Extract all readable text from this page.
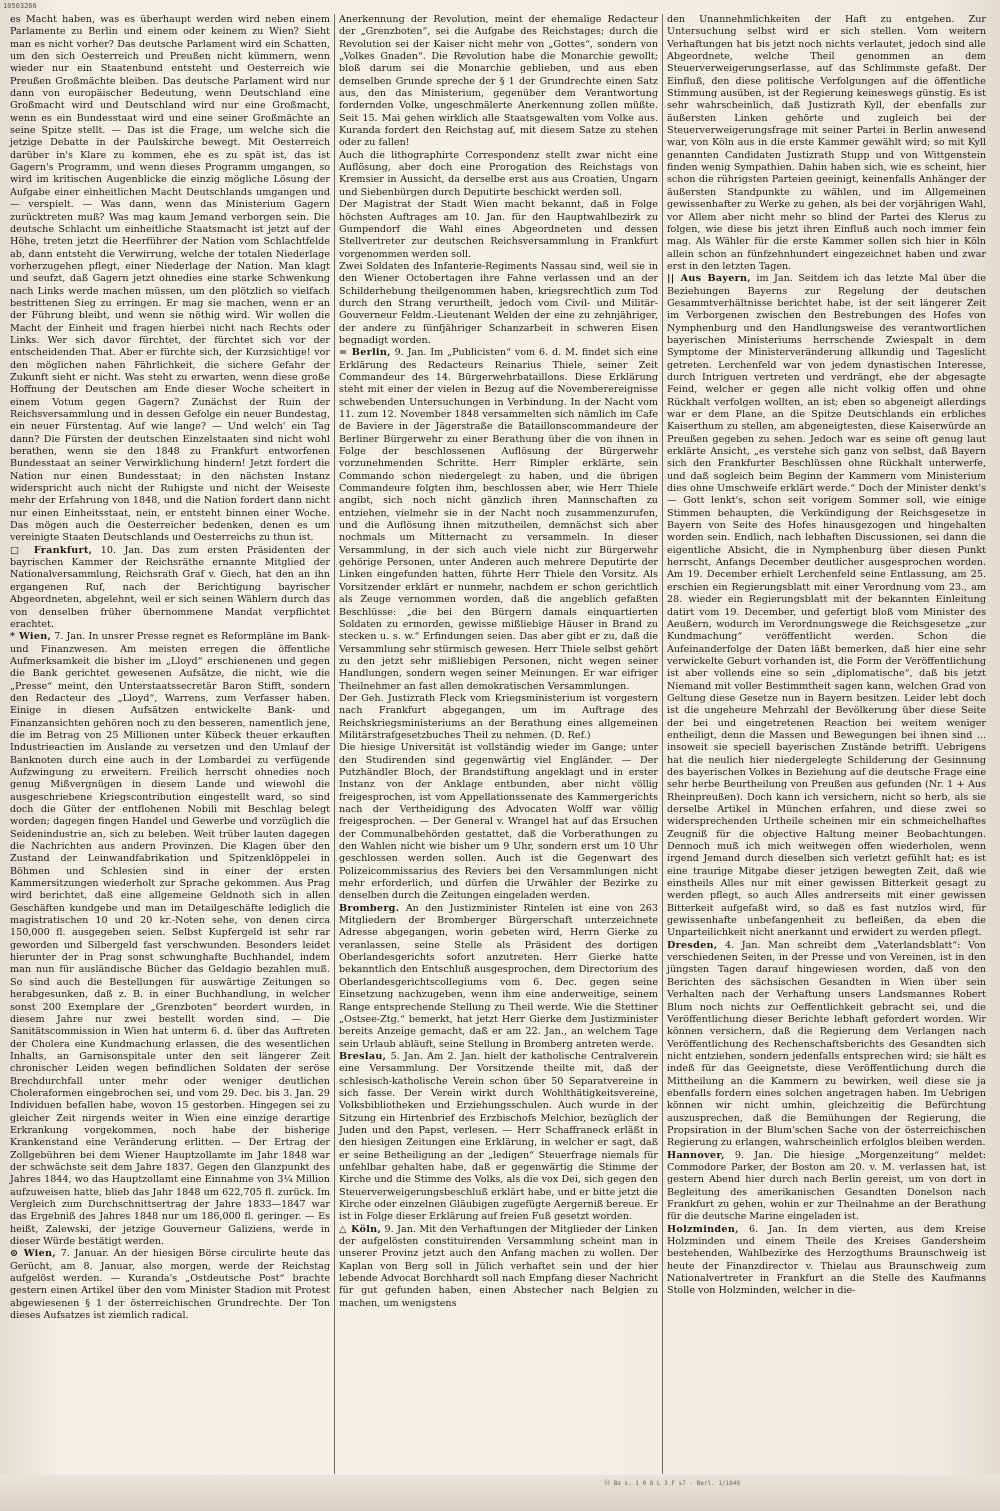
10503266

es Macht haben, was es überhaupt werden wird neben einem Parlamente zu Berlin und einem oder keinem zu Wien? Sieht man es nicht vorher? Das deutsche Parlament wird ein Schatten, um den sich Oesterreich und Preußen nicht kümmern, wenn wieder nur ein Staatenbund entsteht und Oesterreich wie Preußen Großmächte bleiben. Das deutsche Parlament wird nur dann von europäischer Bedeutung, wenn Deutschland eine Großmacht wird und Deutschland wird nur eine Großmacht, wenn es ein Bundesstaat wird und eine seiner Großmächte an seine Spitze stellt. — Das ist die Frage, um welche sich die jetzige Debatte in der Paulskirche bewegt. Mit Oesterreich darüber in's Klare zu kommen, ehe es zu spät ist, das ist Gagern's Programm, und wenn dieses Programm umgangen, so wird im kritischen Augenblicke die einzig mögliche Lösung der Aufgabe einer einheitlichen Macht Deutschlands umgangen und — verspielt. — Was dann, wenn das Ministerium Gagern zurücktreten muß? Was mag kaum Jemand verborgen sein. Die deutsche Schlacht um einheitliche Staatsmacht ist jetzt auf der Höhe, treten jetzt die Heerführer der Nation vom Schlachtfelde ab, dann entsteht die Verwirrung, welche der totalen Niederlage vorherzugehen pflegt, einer Niederlage der Nation. Man klagt und seufzt, daß Gagern jetzt ohnedies eine starke Schwenkung nach Links werde machen müssen, um den plötzlich so vielfach bestrittenen Sieg zu erringen. Er mag sie machen, wenn er an der Führung bleibt, und wenn sie nöthig wird. Wir wollen die Macht der Einheit und fragen hierbei nicht nach Rechts oder Links. Wer sich davor fürchtet, der fürchtet sich vor der entscheidenden That. Aber er fürchte sich, der Kurzsichtige! vor den möglichen nahen Fährlichkeit, die sichere Gefahr der Zukunft sieht er nicht. Was steht zu erwarten, wenn diese große Hoffnung der Deutschen am Ende dieser Woche scheitert in einem Votum gegen Gagern? Zunächst der Ruin der Reichsversammlung und in dessen Gefolge ein neuer Bundestag, ein neuer Fürstentag. Auf wie lange? — Und welch' ein Tag dann? Die Fürsten der deutschen Einzelstaaten sind nicht wohl berathen, wenn sie den 1848 zu Frankfurt entworfenen Bundesstaat an seiner Verwirklichung hindern! Jetzt fordert die Nation nur einen Bundesstaat; in den nächsten Instanz widerspricht auch nicht der Ruhigste und nicht der Weiseste mehr der Erfahrung von 1848, und die Nation fordert dann nicht nur einen Einheitsstaat, nein, er entsteht binnen einer Woche. Das mögen auch die Oesterreicher bedenken, denen es um vereinigte Staaten Deutschlands und Oesterreichs zu thun ist.

□ Frankfurt, 10. Jan. Das zum ersten Präsidenten der bayrischen Kammer der Reichsräthe ernannte Mitglied der Nationalversammlung, Reichsrath Graf v. Giech, hat den an ihn ergangenen Ruf, nach der Berichtigung bayrischer Abgeordneten, abgelehnt, weil er sich seinen Wählern durch das von denselben früher übernommene Mandat verpflichtet erachtet.

* Wien, 7. Jan. In unsrer Presse regnet es Reformpläne im Bank- und Finanzwesen. Am meisten erregen die öffentliche Aufmerksamkeit die bisher im „Lloyd“ erschienenen und gegen die Bank gerichtet gewesenen Aufsätze, die nicht, wie die „Presse“ meint, den Unterstaatssecretär Baron Stifft, sondern den Redacteur des „Lloyd“, Warrens, zum Verfasser haben. Einige in diesen Aufsätzen entwickelte Bank- und Finanzansichten gehören noch zu den besseren, namentlich jene, die im Betrag von 25 Millionen unter Kübeck theuer erkauften Industrieactien im Auslande zu versetzen und den Umlauf der Banknoten durch eine auch in der Lombardei zu verfügende Aufzwingung zu erweitern. Freilich herrscht ohnedies noch genug Mißvergnügen in diesem Lande und wiewohl die ausgeschriebene Kriegscontribution eingestellt ward, so sind doch die Güter der entflohenen Nobili mit Beschlag belegt worden; dagegen fingen Handel und Gewerbe und vorzüglich die Seidenindustrie an, sich zu beleben. Weit trüber lauten dagegen die Nachrichten aus andern Provinzen. Die Klagen über den Zustand der Leinwandfabrikation und Spitzenklöppelei in Böhmen und Schlesien sind in einer der ersten Kammersitzungen wiederholt zur Sprache gekommen. Aus Prag wird berichtet, daß eine allgemeine Geldnoth sich in allen Geschäften kundgebe und man im Detailgeschäfte lediglich die magistratischen 10 und 20 kr.-Noten sehe, von denen circa 150,000 fl. ausgegeben seien. Selbst Kupfergeld ist sehr rar geworden und Silbergeld fast verschwunden. Besonders leidet hierunter der in Prag sonst schwunghafte Buchhandel, indem man nun für ausländische Bücher das Geldagio bezahlen muß. So sind auch die Bestellungen für auswärtige Zeitungen so herabgesunken, daß z. B. in einer Buchhandlung, in welcher sonst 200 Exemplare der „Grenzboten“ beordert wurden, in diesem Jahre nur zwei bestellt worden sind. — Die Sanitätscommission in Wien hat unterm 6. d. über das Auftreten der Cholera eine Kundmachung erlassen, die des wesentlichen Inhalts, an Garnisonspitale unter den seit längerer Zeit chronischer Leiden wegen befindlichen Soldaten der seröse Brechdurchfall unter mehr oder weniger deutlichen Choleraformen eingebrochen sei, und vom 29. Dec. bis 3. Jan. 29 Individuen befallen habe, wovon 15 gestorben. Hingegen sei zu gleicher Zeit nirgends weiter in Wien eine einzige derartige Erkrankung vorgekommen, noch habe der bisherige Krankenstand eine Veränderung erlitten. — Der Ertrag der Zollgebühren bei dem Wiener Hauptzollamte im Jahr 1848 war der schwächste seit dem Jahre 1837. Gegen den Glanzpunkt des Jahres 1844, wo das Hauptzollamt eine Einnahme von 3¼ Million aufzuweisen hatte, blieb das Jahr 1848 um 622,705 fl. zurück. Im Vergleich zum Durchschnittsertrag der Jahre 1833—1847 war das Ergebniß des Jahres 1848 nur um 186,000 fl. geringer. — Es heißt, Zalewski, der jetzige Gouverneur Galiziens, werde in dieser Würde bestätigt werden.

⊙ Wien, 7. Januar. An der hiesigen Börse circulirte heute das Gerücht, am 8. Januar, also morgen, werde der Reichstag aufgelöst werden. — Kuranda's „Ostdeutsche Post“ brachte gestern einen Artikel über den vom Minister Stadion mit Protest abgewiesenen § 1 der österreichischen Grundrechte. Der Ton dieses Aufsatzes ist ziemlich radical.

Anerkennung der Revolution, meint der ehemalige Redacteur der „Grenzboten“, sei die Aufgabe des Reichstages; durch die Revolution sei der Kaiser nicht mehr von „Gottes“, sondern von „Volkes Gnaden“. Die Revolution habe die Monarchie gewollt; bloß darum sei die Monarchie geblieben, und aus eben demselben Grunde spreche der § 1 der Grundrechte einen Satz aus, den das Ministerium, gegenüber dem Verantwortung fordernden Volke, ungeschmälerte Anerkennung zollen müßte. Seit 15. Mai gehen wirklich alle Staatsgewalten vom Volke aus. Kuranda fordert den Reichstag auf, mit diesem Satze zu stehen oder zu fallen!

Auch die lithographirte Correspondenz stellt zwar nicht eine Auflösung, aber doch eine Prorogation des Reichstags von Kremsier in Aussicht, da derselbe erst aus aus Croatien, Ungarn und Siebenbürgen durch Deputirte beschickt werden soll.

Der Magistrat der Stadt Wien macht bekannt, daß in Folge höchsten Auftrages am 10. Jan. für den Hauptwahlbezirk zu Gumpendorf die Wahl eines Abgeordneten und dessen Stellvertreter zur deutschen Reichsversammlung in Frankfurt vorgenommen werden soll.

Zwei Soldaten des Infanterie-Regiments Nassau sind, weil sie in den Wiener Octobertagen ihre Fahne verlassen und an der Schilderhebung theilgenommen haben, kriegsrechtlich zum Tod durch den Strang verurtheilt, jedoch vom Civil- und Militär-Gouverneur Feldm.-Lieutenant Welden der eine zu zehnjähriger, der andere zu fünfjähriger Schanzarbeit in schweren Eisen begnadigt worden.

= Berlin, 9. Jan. Im „Publicisten“ vom 6. d. M. findet sich eine Erklärung des Redacteurs Reinarius Thiele, seiner Zeit Commandeur des 14. Bürgerwehrbataillons. Diese Erklärung steht mit einer der vielen in Bezug auf die Novemberereignisse schwebenden Untersuchungen in Verbindung. In der Nacht vom 11. zum 12. November 1848 versammelten sich nämlich im Cafe de Baviere in der Jägerstraße die Bataillonscommandeure der Berliner Bürgerwehr zu einer Berathung über die von ihnen in Folge der beschlossenen Auflösung der Bürgerwehr vorzunehmenden Schritte. Herr Rimpler erklärte, sein Commando schon niedergelegt zu haben, und die übrigen Commandeure folgten ihm, beschlossen aber, wie Herr Thiele angibt, sich noch nicht gänzlich ihren Mannschaften zu entziehen, vielmehr sie in der Nacht noch zusammenzurufen, und die Auflösung ihnen mitzutheilen, demnächst sich aber nochmals um Mitternacht zu versammeln. In dieser Versammlung, in der sich auch viele nicht zur Bürgerwehr gehörige Personen, unter Anderen auch mehrere Deputirte der Linken eingefunden hatten, führte Herr Thiele den Vorsitz. Als Vorsitzender erklärt er nunmehr, nachdem er schon gerichtlich als Zeuge vernommen worden, daß die angeblich gefaßten Beschlüsse: „die bei den Bürgern damals einquartierten Soldaten zu ermorden, gewisse mißliebige Häuser in Brand zu stecken u. s. w.“ Erfindungen seien. Das aber gibt er zu, daß die Versammlung sehr stürmisch gewesen. Herr Thiele selbst gehört zu den jetzt sehr mißliebigen Personen, nicht wegen seiner Handlungen, sondern wegen seiner Meinungen. Er war eifriger Theilnehmer an fast allen demokratischen Versammlungen.

Der Geh. Justizrath Fleck vom Kriegsministerium ist vorgestern nach Frankfurt abgegangen, um im Auftrage des Reichskriegsministeriums an der Berathung eines allgemeinen Militärstrafgesetzbuches Theil zu nehmen. (D. Ref.)

Die hiesige Universität ist vollständig wieder im Gange; unter den Studirenden sind gegenwärtig viel Engländer. — Der Putzhändler Bloch, der Brandstiftung angeklagt und in erster Instanz von der Anklage entbunden, aber nicht völlig freigesprochen, ist vom Appellationssenate des Kammergerichts nach der Vertheidigung des Advocaten Wolff war völlig freigesprochen. — Der General v. Wrangel hat auf das Ersuchen der Communalbehörden gestattet, daß die Vorberathungen zu den Wahlen nicht wie bisher um 9 Uhr, sondern erst um 10 Uhr geschlossen werden sollen. Auch ist die Gegenwart des Polizeicommissarius des Reviers bei den Versammlungen nicht mehr erforderlich, und dürfen die Urwähler der Bezirke zu denselben durch die Zeitungen eingeladen werden.

Bromberg. An den Justizminister Rintelen ist eine von 263 Mitgliedern der Bromberger Bürgerschaft unterzeichnete Adresse abgegangen, worin gebeten wird, Herrn Gierke zu veranlassen, seine Stelle als Präsident des dortigen Oberlandesgerichts sofort anzutreten. Herr Gierke hatte bekanntlich den Entschluß ausgesprochen, dem Directorium des Oberlandesgerichtscollegiums vom 6. Dec. gegen seine Einsetzung nachzugeben, wenn ihm eine anderweitige, seinem Range entsprechende Stellung zu Theil werde. Wie die Stettiner „Ostsee-Ztg.“ bemerkt, hat jetzt Herr Gierke dem Justizminister bereits Anzeige gemacht, daß er am 22. Jan., an welchem Tage sein Urlaub abläuft, seine Stellung in Bromberg antreten werde.

Breslau, 5. Jan. Am 2. Jan. hielt der katholische Centralverein eine Versammlung. Der Vorsitzende theilte mit, daß der schlesisch-katholische Verein schon über 50 Separatvereine in sich fasse. Der Verein wirkt durch Wohlthätigkeitsvereine, Volksbibliotheken und Erziehungsschulen. Auch wurde in der Sitzung ein Hirtenbrief des Erzbischofs Melchior, bezüglich der Juden und den Papst, verlesen. — Herr Schaffraneck erläßt in den hiesigen Zeitungen eine Erklärung, in welcher er sagt, daß er seine Betheiligung an der „ledigen“ Steuerfrage niemals für unfehlbar gehalten habe, daß er gegenwärtig die Stimme der Kirche und die Stimme des Volks, als die vox Dei, sich gegen den Steuerverweigerungsbeschluß erklärt habe, und er bitte jetzt die Kirche oder einzelnen Gläubigen zugefügte Aergerniß bereue. Er ist in Folge dieser Erklärung auf freien Fuß gesetzt worden.

△ Köln, 9. Jan. Mit den Verhaftungen der Mitglieder der Linken der aufgelösten constituirenden Versammlung scheint man in unserer Provinz jetzt auch den Anfang machen zu wollen. Der Kaplan von Berg soll in Jülich verhaftet sein und der hier lebende Advocat Borchhardt soll nach Empfang dieser Nachricht für gut gefunden haben, einen Abstecher nach Belgien zu machen, um wenigstens

den Unannehmlichkeiten der Haft zu entgehen. Zur Untersuchung selbst wird er sich stellen. Vom weitern Verhaftungen hat bis jetzt noch nichts verlautet, jedoch sind alle Abgeordnete, welche Theil genommen an dem Steuerverweigerungserlasse, auf das Schlimmste gefaßt. Der Einfluß, den diese politische Verfolgungen auf die öffentliche Stimmung ausüben, ist der Regierung keineswegs günstig. Es ist sehr wahrscheinlich, daß Justizrath Kyll, der ebenfalls zur äußersten Linken gehörte und zugleich bei der Steuerverweigerungsfrage mit seiner Partei in Berlin anwesend war, von Köln aus in die erste Kammer gewählt wird; so mit Kyll genannten Candidaten Justizrath Stupp und von Wittgenstein finden wenig Sympathien. Dahin haben sich, wie es scheint, hier schon die rührigsten Parteien geeinigt, keinenfalls Anhänger der äußersten Standpunkte zu wählen, und im Allgemeinen gewissenhafter zu Werke zu gehen, als bei der vorjährigen Wahl, vor Allem aber nicht mehr so blind der Partei des Klerus zu folgen, wie diese bis jetzt ihren Einfluß auch noch immer fein mag. Als Wähler für die erste Kammer sollen sich hier in Köln allein schon an fünfzehnhundert eingezeichnet haben und zwar erst in den letzten Tagen.

|| Aus Bayern, im Jan. Seitdem ich das letzte Mal über die Beziehungen Bayerns zur Regelung der deutschen Gesammtverhältnisse berichtet habe, ist der seit längerer Zeit im Verborgenen zwischen den Bestrebungen des Hofes von Nymphenburg und den Handlungsweise des verantwortlichen bayerischen Ministeriums herrschende Zwiespalt in dem Symptome der Ministerveränderung allkundig und Tageslicht getreten. Lerchenfeld war von jedem dynastischen Interesse, durch Intriguen vertreten und verdrängt, ehe der abgesagte Feind, welcher er gegen alle nicht volkig offen und ohne Rückhalt verfolgen wollten, an ist; eben so abgeneigt allerdings war er dem Plane, an die Spitze Deutschlands ein erbliches Kaiserthum zu stellen, am abgeneigtesten, diese Kaiserwürde an Preußen gegeben zu sehen. Jedoch war es seine oft genug laut erklärte Ansicht, „es verstehe sich ganz von selbst, daß Bayern sich den Frankfurter Beschlüssen ohne Rückhalt unterwerfe, und daß sogleich beim Beginn der Kammern vom Ministerium dies ohne Umschweife erklärt werde.“ Doch der Minister denkt's — Gott lenkt's, schon seit vorigem Sommer soll, wie einige Stimmen behaupten, die Verkündigung der Reichsgesetze in Bayern von Seite des Hofes hinausgezogen und hingehalten worden sein. Endlich, nach lebhaften Discussionen, sei dann die eigentliche Absicht, die in Nymphenburg über diesen Punkt herrscht, Anfangs December deutlicher ausgesprochen worden. Am 19. December erhielt Lerchenfeld seine Entlassung, am 25. erschien ein Regierungsblatt mit einer Verordnung vom 23., am 28. wieder ein Regierungsblatt mit der bekannten Einleitung datirt vom 19. December, und gefertigt bloß vom Minister des Aeußern, wodurch im Verordnungswege die Reichsgesetze „zur Kundmachung“ veröffentlicht werden. Schon die Aufeinanderfolge der Daten läßt bemerken, daß hier eine sehr verwickelte Geburt vorhanden ist, die Form der Veröffentlichung ist aber vollends eine so sein „diplomatische“, daß bis jetzt Niemand mit voller Bestimmtheit sagen kann, welchen Grad von Geltung diese Gesetze nun in Bayern besitzen. Leider lebt doch ist die ungeheure Mehrzahl der Bevölkerung über diese Seite der bei und eingetretenen Reaction bei weitem weniger entheiligt, denn die Massen und Bewegungen bei ihnen sind ... insoweit sie speciell bayerischen Zustände betrifft. Uebrigens hat die neulich hier niedergelegte Schilderung der Gesinnung des bayerischen Volkes in Beziehung auf die deutsche Frage eine sehr herbe Beurtheilung von Preußen aus gefunden (Nr. 1 + Aus Rheinpreußen). Doch kann ich versichern, nicht so herb, als sie derselbe Artikel in München erfahren, und diese zwei so widersprechenden Urtheile scheinen mir ein schmeichelhaftes Zeugniß für die objective Haltung meiner Beobachtungen. Dennoch muß ich mich weitwegen offen wiederholen, wenn irgend Jemand durch dieselben sich verletzt gefühlt hat; es ist eine traurige Mitgabe dieser jetzigen bewegten Zeit, daß wie einstheils Alles nur mit einer gewissen Bitterkeit gesagt zu werden pflegt, so auch Alles andrerseits mit einer gewissen Bitterkeit aufgefaßt wird, so daß es fast nutzlos wird, für gewissenhafte unbefangenheit zu befleißen, da eben die Unparteilichkeit nicht anerkannt und erwidert zu werden pflegt.

Dresden, 4. Jan. Man schreibt dem „Vaterlandsblatt“: Von verschiedenen Seiten, in der Presse und von Vereinen, ist in den jüngsten Tagen darauf hingewiesen worden, daß von den Berichten des sächsischen Gesandten in Wien über sein Verhalten nach der Verhaftung unsers Landsmannes Robert Blum noch nichts zur Oeffentlichkeit gebracht sei, und die Veröffentlichung dieser Berichte lebhaft gefordert worden. Wir können versichern, daß die Regierung dem Verlangen nach Veröffentlichung des Rechenschaftsberichts des Gesandten sich nicht entziehen, sondern jedenfalls entsprechen wird; sie hält es indeß für das Geeignetste, diese Veröffentlichung durch die Mittheilung an die Kammern zu bewirken, weil diese sie ja ebenfalls fordern eines solchen angetragen haben. Im Uebrigen können wir nicht umhin, gleichzeitig die Befürchtung auszusprechen, daß die Bemühungen der Regierung, die Propsiration in der Blum'schen Sache von der österreichischen Regierung zu erlangen, wahrscheinlich erfolglos bleiben werden.

Hannover, 9. Jan. Die hiesige „Morgenzeitung“ meldet: Commodore Parker, der Boston am 20. v. M. verlassen hat, ist gestern Abend hier durch nach Berlin gereist, um von dort in Begleitung des amerikanischen Gesandten Donelson nach Frankfurt zu gehen, wohin er zur Theilnahme an der Berathung für die deutsche Marine eingeladen ist.

Holzminden, 6. Jan. In dem vierten, aus dem Kreise Holzminden und einem Theile des Kreises Gandersheim bestehenden, Wahlbezirke des Herzogthums Braunschweig ist heute der Finanzdirector v. Thielau aus Braunschweig zum Nationalvertreter in Frankfurt an die Stelle des Kaufmanns Stolle von Holzminden, welcher in die-

Ⓜ Ba s. 1 0 8 L 3 F s7 - Berl. 1/1849
